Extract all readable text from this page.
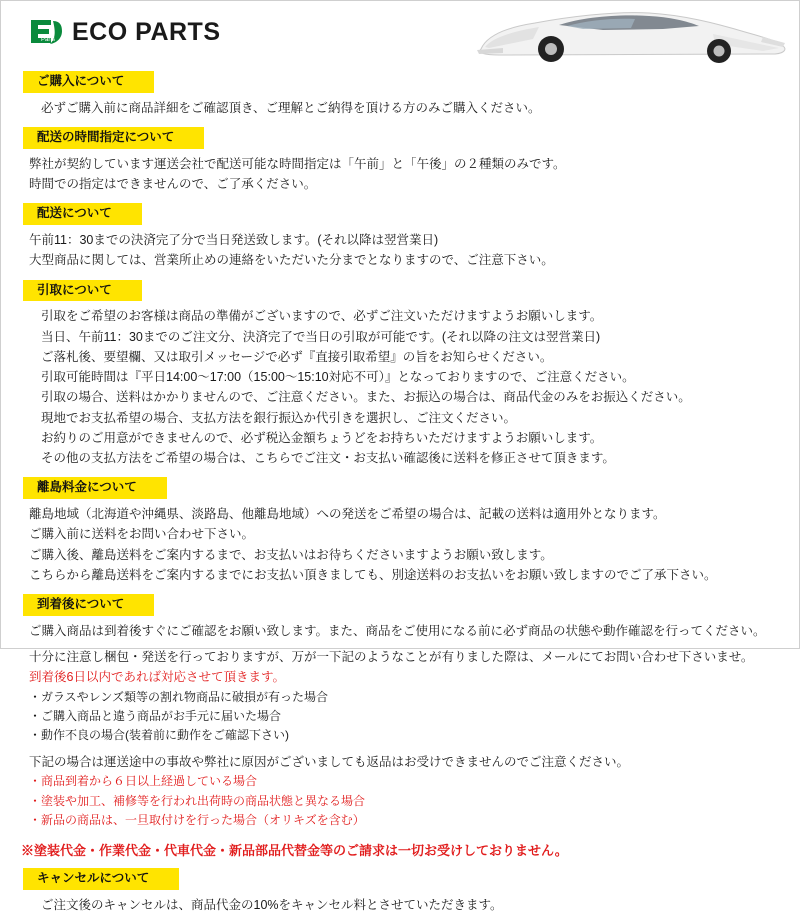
Parts ECO PARTS
ご購入について
必ずご購入前に商品詳細をご確認頂き、ご理解とご納得を頂ける方のみご購入ください。
配送の時間指定について
弊社が契約しています運送会社で配送可能な時間指定は「午前」と「午後」の２種類のみです。
時間での指定はできませんので、ご了承ください。
配送について
午前11：30までの決済完了分で当日発送致します。(それ以降は翌営業日)
大型商品に関しては、営業所止めの連絡をいただいた分までとなりますので、ご注意下さい。
引取について
引取をご希望のお客様は商品の準備がございますので、必ずご注文いただけますようお願いします。
当日、午前11：30までのご注文分、決済完了で当日の引取が可能です。(それ以降の注文は翌営業日)
ご落札後、要望欄、又は取引メッセージで必ず『直接引取希望』の旨をお知らせください。
引取可能時間は『平日14:00～17:00（15:00～15:10対応不可）』となっておりますので、ご注意ください。
引取の場合、送料はかかりませんので、ご注意ください。また、お振込の場合は、商品代金のみをお振込ください。
現地でお支払希望の場合、支払方法を銀行振込か代引きを選択し、ご注文ください。
お約りのご用意ができませんので、必ず税込金額ちょうどをお持ちいただけますようお願いします。
その他の支払方法をご希望の場合は、こちらでご注文・お支払い確認後に送料を修正させて頂きます。
離島料金について
離島地域（北海道や沖縄県、淡路島、他離島地域）への発送をご希望の場合は、記載の送料は適用外となります。
ご購入前に送料をお問い合わせ下さい。
ご購入後、離島送料をご案内するまで、お支払いはお待ちくださいますようお願い致します。
こちらから離島送料をご案内するまでにお支払い頂きましても、別途送料のお支払いをお願い致しますのでご了承下さい。
到着後について
ご購入商品は到着後すぐにご確認をお願い致します。また、商品をご使用になる前に必ず商品の状態や動作確認を行ってください。
十分に注意し梱包・発送を行っておりますが、万が一下記のようなことが有りました際は、メールにてお問い合わせ下さいませ。
到着後6日以内であれば対応させて頂きます。
・ガラスやレンズ類等の割れ物商品に破損が有った場合
・ご購入商品と違う商品がお手元に届いた場合
・動作不良の場合(装着前に動作をご確認下さい)
下記の場合は運送途中の事故や弊社に原因がございましても返品はお受けできませんのでご注意ください。
・商品到着から６日以上経過している場合
・塗装や加工、補修等を行われ出荷時の商品状態と異なる場合
・新品の商品は、一旦取付けを行った場合（オリキズを含む）
※塗装代金・作業代金・代車代金・新品部品代替金等のご請求は一切お受けしておりません。
キャンセルについて
ご注文後のキャンセルは、商品代金の10%をキャンセル料とさせていただきます。
